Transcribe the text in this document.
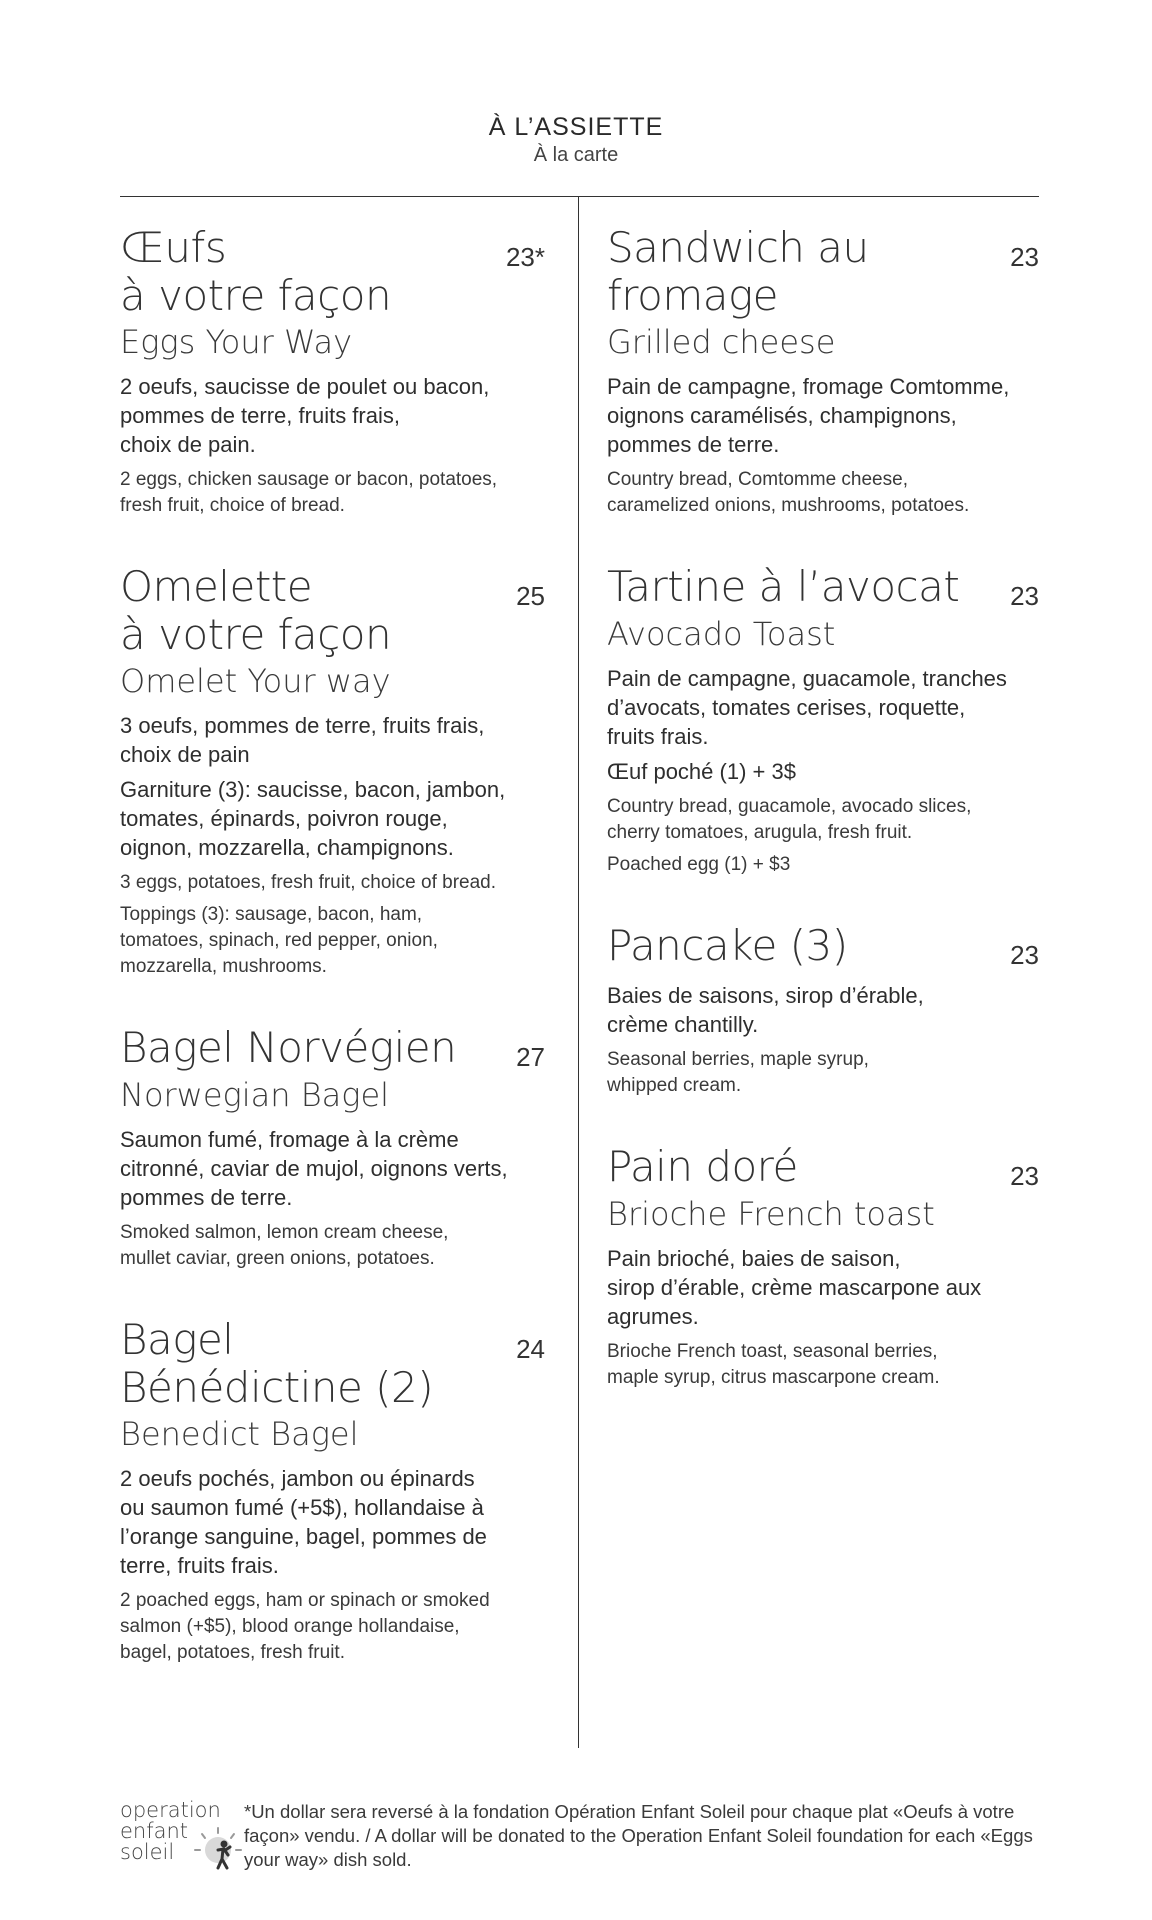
À L’ASSIETTE
À la carte
Œufs
à votre façon
23*
Eggs Your Way
2 oeufs, saucisse de poulet ou bacon,
pommes de terre, fruits frais,
choix de pain.
2 eggs, chicken sausage or bacon, potatoes,
fresh fruit, choice of bread.
Omelette
à votre façon
25
Omelet Your way
3 oeufs, pommes de terre, fruits frais,
choix de pain
Garniture (3): saucisse, bacon, jambon,
tomates, épinards, poivron rouge,
oignon, mozzarella, champignons.
3 eggs, potatoes, fresh fruit, choice of bread.
Toppings (3): sausage, bacon, ham,
tomatoes, spinach, red pepper, onion,
mozzarella, mushrooms.
Bagel Norvégien 27
Norwegian Bagel
Saumon fumé, fromage à la crème
citronné, caviar de mujol, oignons verts,
pommes de terre.
Smoked salmon, lemon cream cheese,
mullet caviar, green onions, potatoes.
Bagel
Bénédictine (2)
24
Benedict Bagel
2 oeufs pochés, jambon ou épinards
ou saumon fumé (+5$), hollandaise à
l’orange sanguine, bagel, pommes de
terre, fruits frais.
2 poached eggs, ham or spinach or smoked
salmon (+$5), blood orange hollandaise,
bagel, potatoes, fresh fruit.
Sandwich au
fromage
23
Grilled cheese
Pain de campagne, fromage Comtomme,
oignons caramélisés, champignons,
pommes de terre.
Country bread, Comtomme cheese,
caramelized onions, mushrooms, potatoes.
Tartine à l’avocat 23
Avocado Toast
Pain de campagne, guacamole, tranches
d’avocats, tomates cerises, roquette,
fruits frais.
Œuf poché (1) + 3$
Country bread, guacamole, avocado slices,
cherry tomatoes, arugula, fresh fruit.
Poached egg (1) + $3
Pancake (3)	23
Baies de saisons, sirop d’érable,
crème chantilly.
Seasonal berries, maple syrup,
whipped cream.
Pain doré	23
Brioche French toast
Pain brioché, baies de saison,
sirop d’érable, crème mascarpone aux
agrumes.
Brioche French toast, seasonal berries,
maple syrup, citrus mascarpone cream.
operation
enfant
soleil
*Un dollar sera reversé à la fondation Opération Enfant Soleil pour chaque plat «Oeufs à votre façon» vendu. / A dollar will be donated to the Operation Enfant Soleil foundation for each «Eggs your way» dish sold.
